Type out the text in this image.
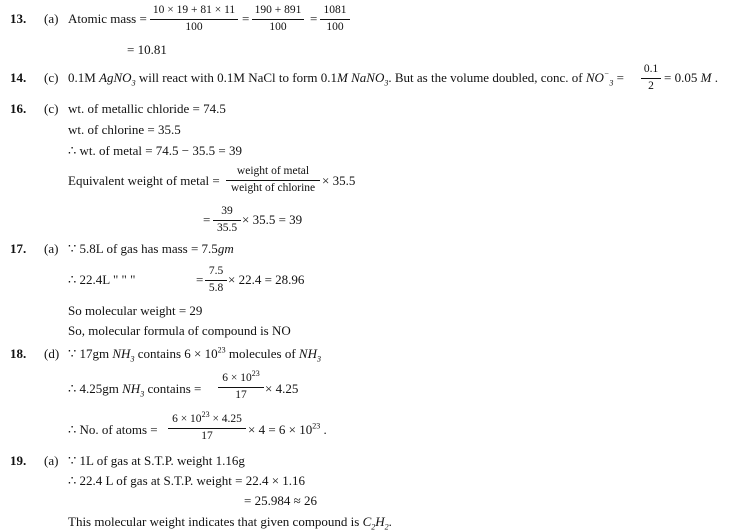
13. (a) Atomic mass = $\frac{10 \times 19 + 81 \times 11}{100} = \frac{190 + 891}{100} = \frac{1081}{100}$
= 10.81
14. (c) 0.1M AgNO$_3$ will react with 0.1M NaCl to form 0.1M NaNO$_3$. But as the volume doubled, conc. of $NO^-_3 = \frac{0.1}{2} = 0.05$ M .
16. (c) wt. of metallic chloride = 74.5
wt. of chlorine = 35.5
∴ wt. of metal = 74.5 − 35.5 = 39
Equivalent weight of metal =
weight of metal
weight of chlorine × 35.5
= $\frac{39}{35.5} \times 35.5 = 39$
17. (a) ∵ 5.8L of gas has mass = 7.5gm
∴ 22.4L " " "	= $\frac{7.5}{5.8} \times 22.4 = 28.96$
So molecular weight = 29
So, molecular formula of compound is NO
18. (d) ∵ 17gm $NH_3$ contains $6 \times 10^{23}$ molecules of $NH_3$
∴ 4.25gm $NH_3$ contains = $\frac{6 \times 10^{23}}{17} \times 4.25$
∴ No. of atoms = $\frac{6 \times 10^{23} \times 4.25}{17} \times 4 = 6 \times 10^{23}$ .
19. (a) ∵ 1L of gas at S.T.P. weight 1.16g
∴ 22.4 L of gas at S.T.P. weight = 22.4 × 1.16
= 25.984 ≈ 26
This molecular weight indicates that given compound is $C_2H_2$.
